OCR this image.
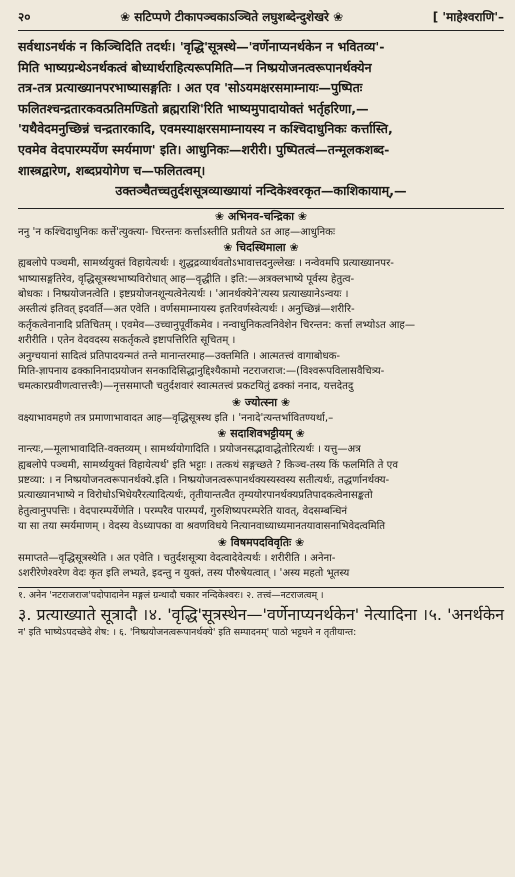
२०	❀ सटिप्पणे टीकापञ्चकाऽञ्चिते लघुशब्देन्दुशेखरे ❀	[ 'माहेश्वराणि'–

सर्वथाऽनर्थकं न किञ्चिदिति तदर्थः। 'वृद्धि'सूत्रस्थे—'वर्णेनाप्यनर्थकेन न भवितव्य'-

मिति भाष्यग्रन्थेऽनर्थकत्वं बोध्यार्थराहित्यरूपमिति—न निष्प्रयोजनत्वरूपानर्थक्येन

तत्र-तत्र प्रत्याख्यानपरभाष्यासङ्गतिः । अत एव 'सोऽयमक्षरसमाम्नायः—पुष्पितः

फलितश्चन्द्रतारकवत्प्रतिमण्डितो ब्रह्मराशि'रिति भाष्यमुपादायोक्तं भर्तृहरिणा,—

'यथैवेदमनुच्छिन्नं चन्द्रतारकादि, एवमस्याक्षरसमाम्नायस्य न कश्चिदाधुनिकः कर्त्तास्ति,

एवमेव वेदपारम्पर्येण स्मर्यमाण' इति। आधुनिकः—शरीरी। पुष्पितत्वं—तन्मूलकशब्द-

शास्त्रद्वारेण, शब्दप्रयोगेण च—फलितत्वम्।

उक्तञ्चैतच्चतुर्दशसूत्रव्याख्यायां नन्दिकेश्वरकृत—काशिकायाम्,—

❀ अभिनव-चन्द्रिका ❀

ननु 'न कश्चिदाधुनिकः कर्त्ते'त्युक्त्या- चिरन्तनः कर्त्ताऽस्तीति प्रतीयते ऽत आह—आधुनिकः

❀ चिदस्थिमाला ❀

ह्यबलोपे पञ्चमी, सामर्थ्ययुक्तं विहायेत्यर्थः । शुद्धद्रव्यार्थवतोऽभावात्तदनुल्लेखः । नन्वेवमपि प्रत्याख्यानपर-

भाष्यासङ्गतिरेव, वृद्धिसूत्रस्थभाष्यविरोधात् आह—वृद्धीति । इति:—अत्रक्लभाष्ये पूर्वस्य हेतुत्व-

बोधकः । निष्प्रयोजनत्वेति । इष्टप्रयोजनशून्यत्वेनेत्यर्थः । 'आनर्थक्येने'त्यस्य प्रत्याख्यानेऽन्वयः ।

अस्तीत्यं इतिवत् इदवर्ति—अत एवेति । वर्णसमाम्नायस्य इतरिवर्णस्वेत्यर्थः । अनुच्छिन्नं—शरीरि-

कर्तृकत्वेनानादि प्रतिचितम् । एवमेव—उच्चानुपूर्वीकमेव । नन्वाधुनिकत्वनिवेशेन चिरन्तन: कर्त्ता लभ्योऽत आह—

शरीरीति । एतेन वेदवदस्य सकर्तृकत्वे इष्टापत्तिरिति सूचितम् ।

अनुग्चयानां सादित्वं प्रतिपादयन्मतं तन्ते मानान्तरमाह—उक्तमिति । आत्मतत्त्वं वागाबोधक-

मिति-ज्ञापनाय ढक्कानिनादप्रयोजन सनकादिसिद्धानुद्दिश्यैकामो नटराजराज:—(विश्वरूपविलासवैचित्र्य-

चमत्कारप्रवीणत्वात्तत्त्वैः)—नृत्तसमाप्तौ चतुर्दशवारं स्वात्मतत्त्वं प्रकटयितुं ढक्कां ननाद, यत्तदेतदु

❀ ज्योत्स्ना ❀

वक्ष्याभावमहणे तत्र प्रमाणाभावादत आह—वृद्धिसूत्रस्थ इति । 'ननादे'त्यन्तर्भावितण्यर्था,–

❀ सदाशिवभट्टीयम् ❀

नान्त्यः,—मूलाभावादिति-वक्तव्यम् । सामर्थ्ययोगादिति । प्रयोजनसद्भावाद्धेतोरित्यर्थः । यत्तु—अत्र

ह्यबलोपे पञ्चमी, सामर्थ्ययुक्तं विहायेत्यर्थ' इति भट्टाः । तत्कथं सङ्गच्छते ? किञ्च-तस्य किं फलमिति ते एव

प्रष्टव्या: । न निष्प्रयोजनत्वरूपानर्थक्ये.इति । निष्प्रयोजनत्वरूपानर्थक्यस्यस्वस्य सतीत्यर्थः, तद्धर्णानर्थक्य-

प्रत्याख्यानभाष्ये न विरोधोऽभिधेयरैरत्यादित्यर्थः, तृतीयान्तत्वैत तृम्ययोरपानर्थक्यप्रतिपादकत्वेनासङ्कतो

हेतुत्वानुपपत्तिः । वेदपारम्पर्येणेति । परम्परैव पारम्पर्यं, गुरुशिष्यपरम्परेति यावत्, वेदसम्बन्धिनं

या सा तया स्मर्यमाणम् । वेदस्य वेऽध्यापका वा श्रवणविधये नित्यानवाध्याध्यमानतयावासनाभिवेदत्वमिति

❀ विषमपदविवृतिः ❀

समाप्तते—वृद्धिसूत्रस्थेति । अत एवेति । चतुर्दशसूत्र्या वेदत्वादेवेत्यर्थः । शरीरीति । अनेना-

ऽशरीरेणेश्वरेण वेदः कृत इति लभ्यते, इदन्तु न युक्तं, तस्य पौरुषेयत्वात् । 'अस्य महतो भूतस्य

१. अनेन 'नटराजराज'पदोपादानेन मङ्गलं ग्रन्थादौ चकार नन्दिकेश्वरः। २. तत्त्वं—नटराजत्वम् ।

३. प्रत्याख्याते सूत्रादौ । ४. 'वृद्धि'सूत्रस्थेन—'वर्णेनाप्यनर्थकेन' नेत्यादिना । ५. 'अनर्थकेन

न' इति भाष्येऽपदच्छेदे शेष: । ६. 'निष्प्रयोजनत्वरूपानर्थक्ये' इति सम्पादनम्' पाठो भट्टघने न तृतीयान्त:
